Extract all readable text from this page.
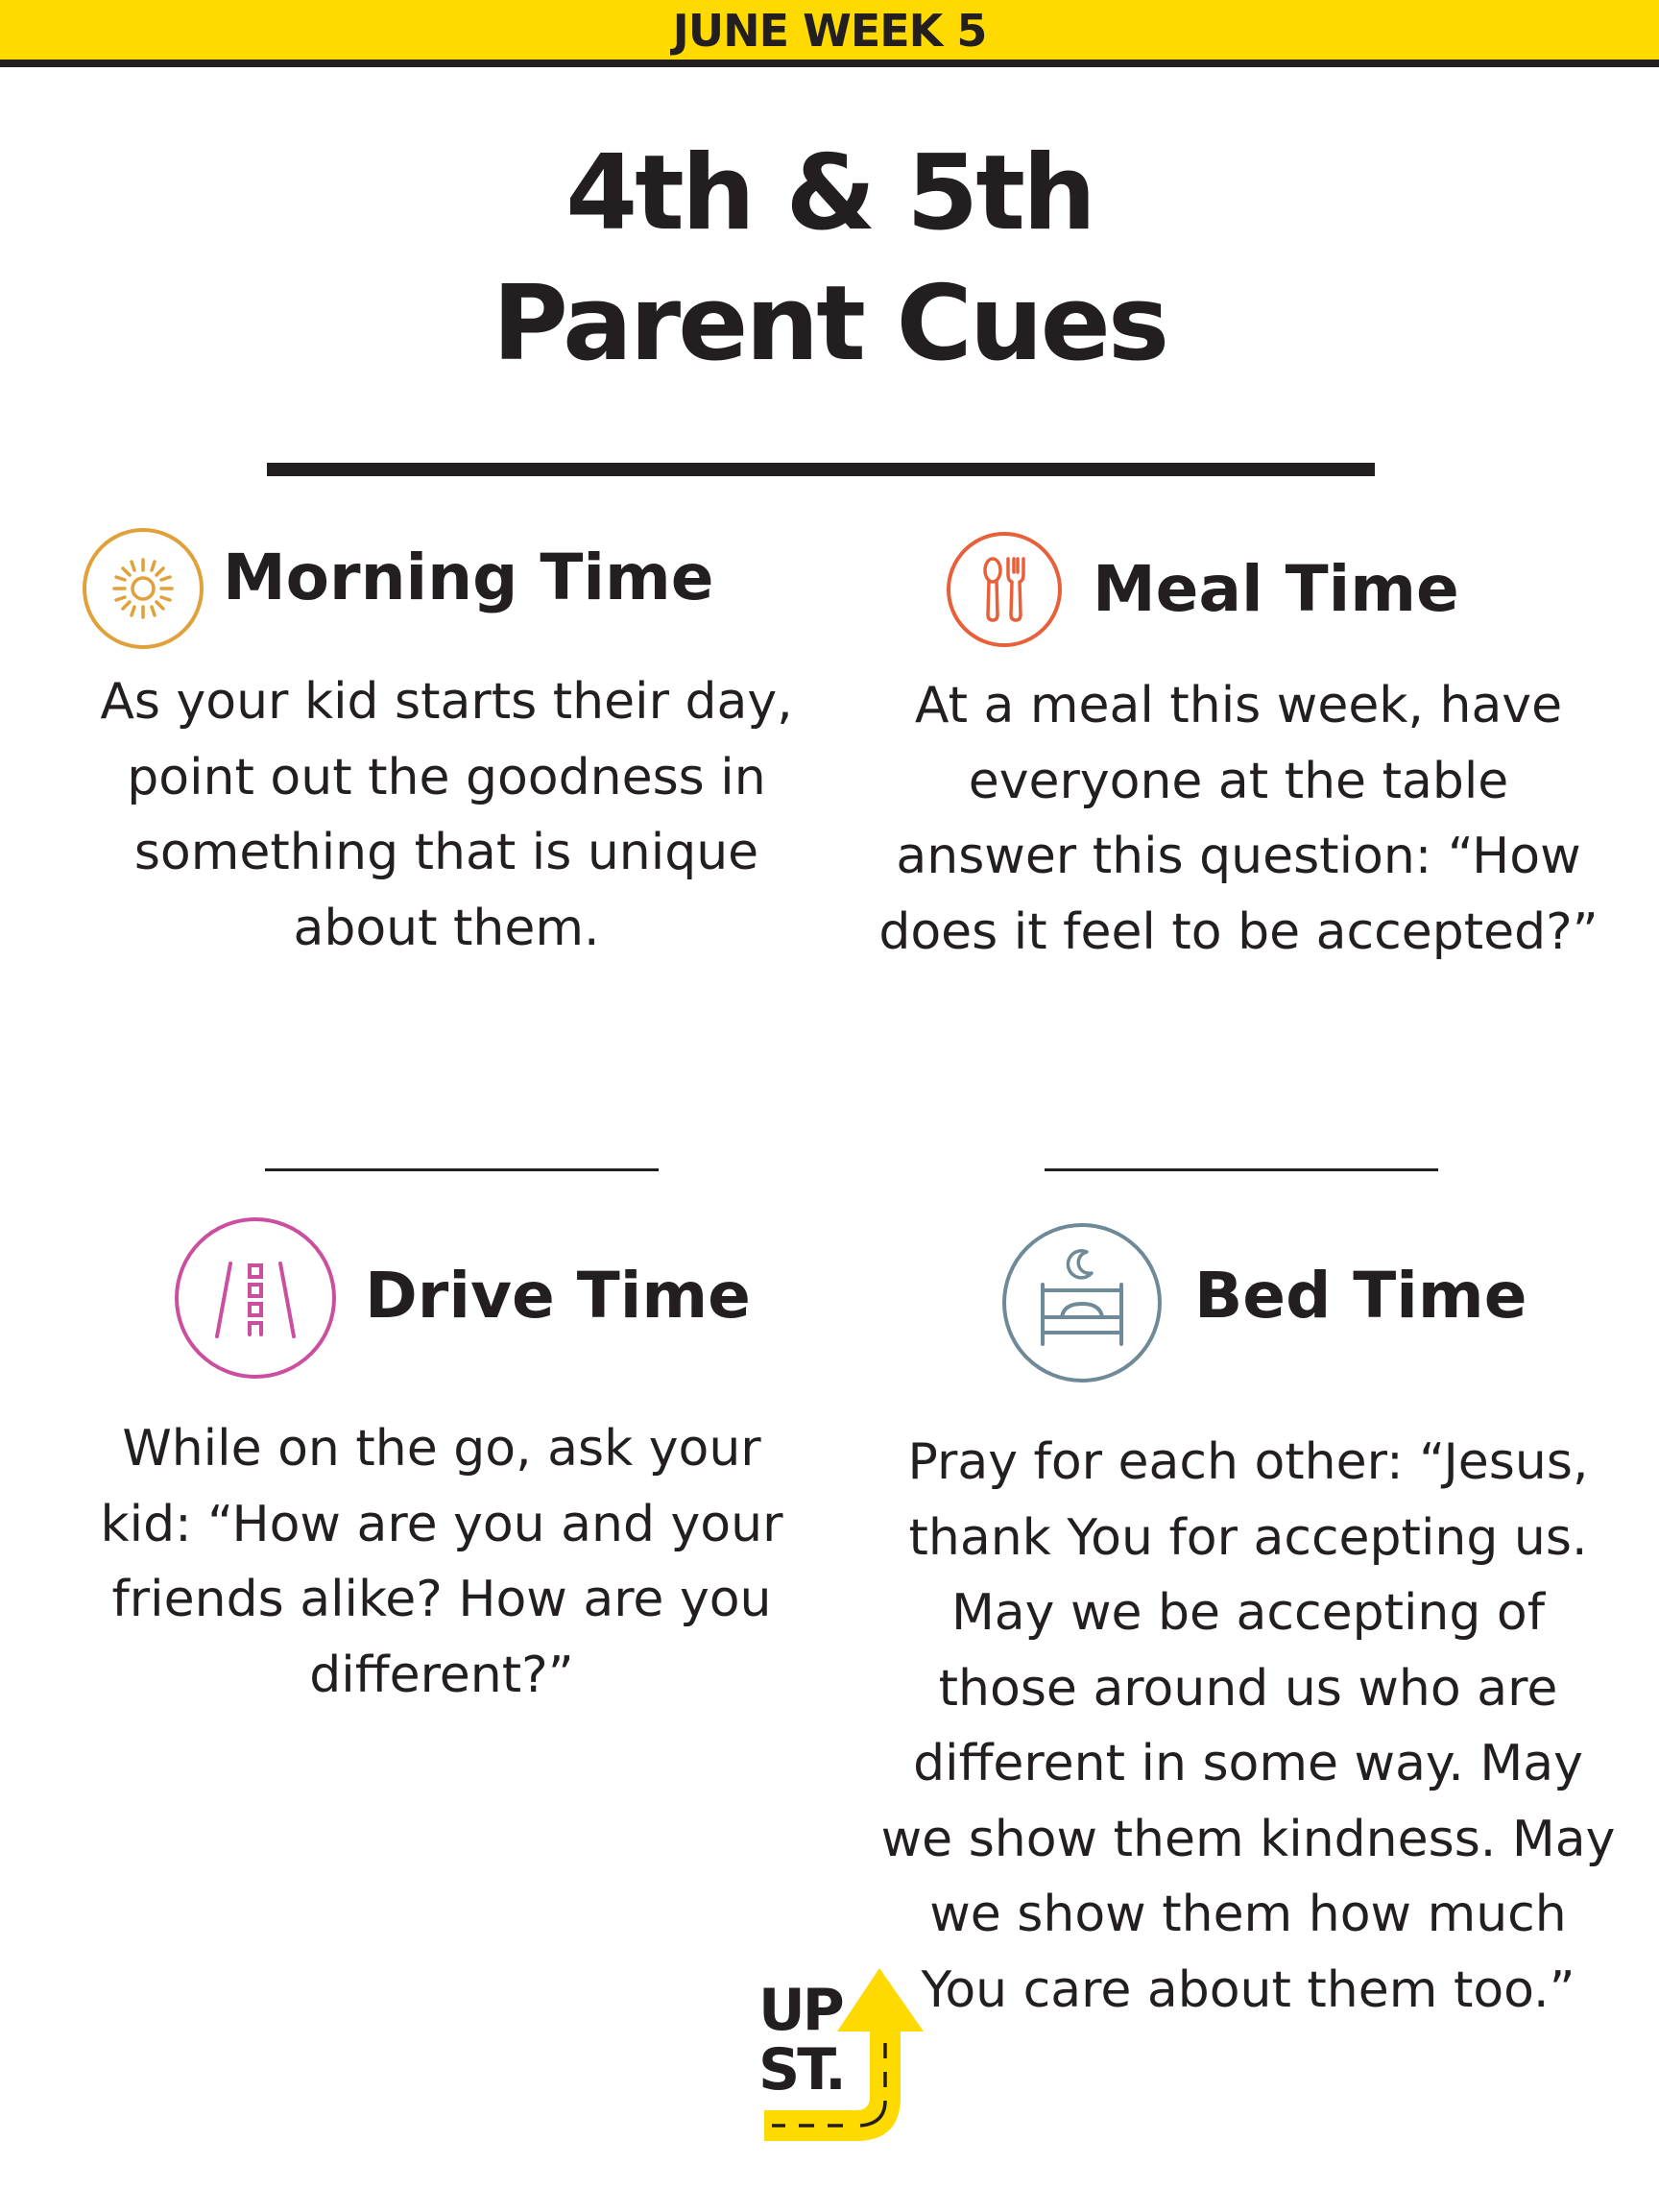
JUNE WEEK 5
4th & 5th
Parent Cues
Morning Time
As your kid starts their day,
point out the goodness in
something that is unique
about them.
Meal Time
At a meal this week, have
everyone at the table
answer this question: “How
does it feel to be accepted?”
Drive Time
While on the go, ask your
kid: “How are you and your
friends alike? How are you
different?”
Bed Time
Pray for each other: “Jesus,
thank You for accepting us.
May we be accepting of
those around us who are
different in some way. May
we show them kindness. May
we show them how much
You care about them too.”
UP
ST.
